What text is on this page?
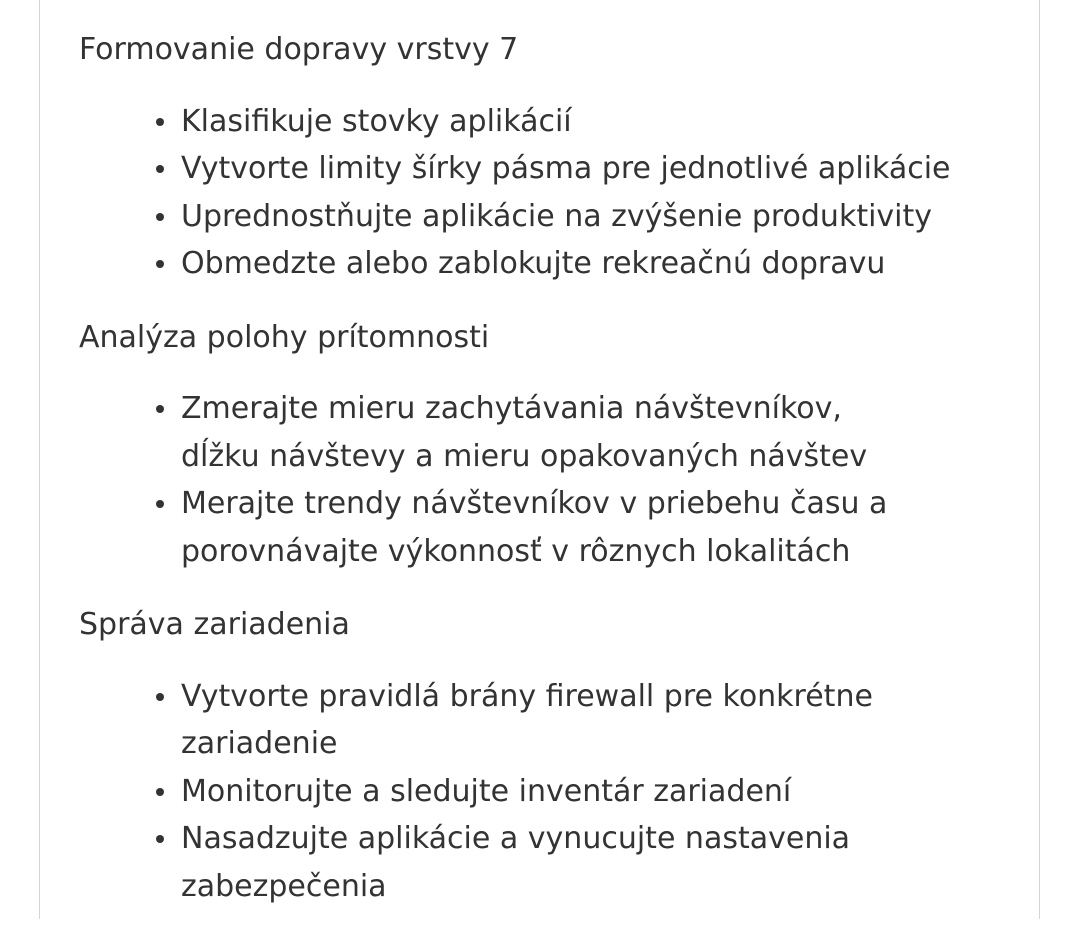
Formovanie dopravy vrstvy 7
Klasifikuje stovky aplikácií
Vytvorte limity šírky pásma pre jednotlivé aplikácie
Uprednostňujte aplikácie na zvýšenie produktivity
Obmedzte alebo zablokujte rekreačnú dopravu
Analýza polohy prítomnosti
Zmerajte mieru zachytávania návštevníkov, dĺžku návštevy a mieru opakovaných návštev
Merajte trendy návštevníkov v priebehu času a porovnávajte výkonnosť v rôznych lokalitách
Správa zariadenia
Vytvorte pravidlá brány firewall pre konkrétne zariadenie
Monitorujte a sledujte inventár zariadení
Nasadzujte aplikácie a vynucujte nastavenia zabezpečenia
